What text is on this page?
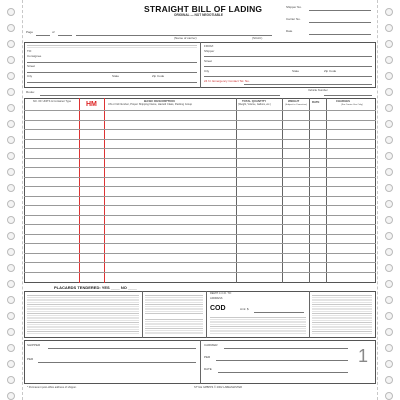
STRAIGHT BILL OF LADING
ORIGINAL — NOT NEGOTIABLE
Shipper No.
Carrier No.
Date
Page	of
(Name of carrier)	(SCAC)
TO:
Consignee
Street
City	State	Zip Code
FROM:
Shipper
Street
City	State	Zip Code
24 hr. Emergency Contact Tel. No.
Route:	Vehicle Number
HM
NO. OF UNITS & Container Type	BASIC DESCRIPTION
UN or NA Number, Proper Shipping Name, Hazard Class, Packing Group
TOTAL QUANTITY
(Weight, Volume, Gallons, etc.)
WEIGHT
(Subject to Correction)
RATE	CHARGES
(For Carrier Use Only)
PLACARDS TENDERED: YES ____ NO ____
REMIT C.O.D. TO:
ADDRESS
COD	Amt: $
SHIPPER
PER
CARRIER
PER
DATE
1
* Permanent post-office address of shipper.	STYLE GPBPP4 © 2002 LABELMASTER
